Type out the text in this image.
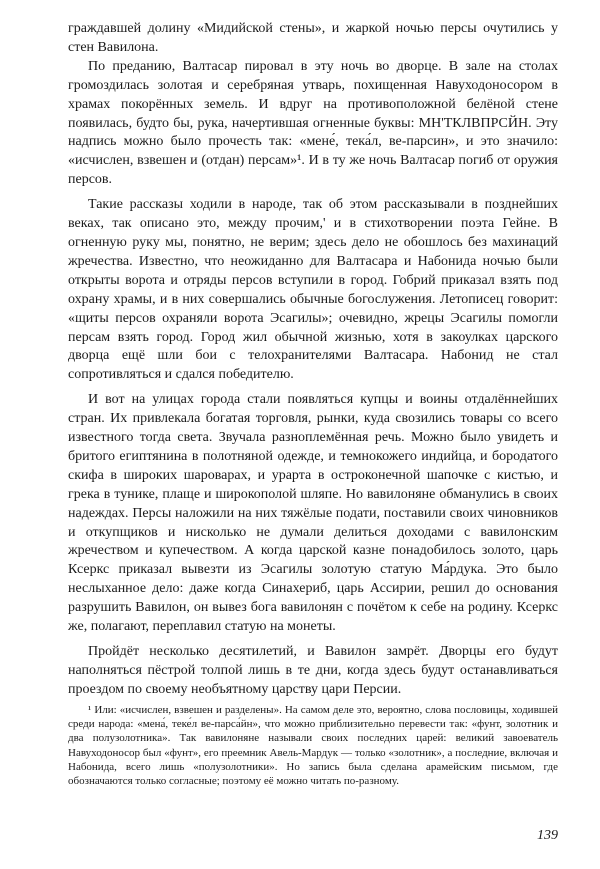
граждавшей долину «Мидийской стены», и жаркой ночью персы очутились у стен Вавилона.

По преданию, Валтасар пировал в эту ночь во дворце. В зале на столах громоздилась золотая и серебряная утварь, похищенная Навуходоносором в храмах покорённых земель. И вдруг на противоположной белёной стене появилась, будто бы, рука, начертившая огненные буквы: МН'ТКЛВПРСЙН. Эту надпись можно было прочесть так: «мене́, тека́л, ве-парсин», и это значило: «исчислен, взвешен и (отдан) персам»¹. И в ту же ночь Валтасар погиб от оружия персов.

Такие рассказы ходили в народе, так об этом рассказывали в позднейших веках, так описано это, между прочим,' и в стихотворении поэта Гейне. В огненную руку мы, понятно, не верим; здесь дело не обошлось без махинаций жречества. Известно, что неожиданно для Валтасара и Набонида ночью были открыты ворота и отряды персов вступили в город. Гобрий приказал взять под охрану храмы, и в них совершались обычные богослужения. Летописец говорит: «щиты персов охраняли ворота Эсагилы»; очевидно, жрецы Эсагилы помогли персам взять город. Город жил обычной жизнью, хотя в закоулках царского дворца ещё шли бои с телохранителями Валтасара. Набонид не стал сопротивляться и сдался победителю.

И вот на улицах города стали появляться купцы и воины отдалённейших стран. Их привлекала богатая торговля, рынки, куда свозились товары со всего известного тогда света. Звучала разноплемённая речь. Можно было увидеть и бритого египтянина в полотняной одежде, и темнокожего индийца, и бородатого скифа в широких шароварах, и урарта в остроконечной шапочке с кистью, и грека в тунике, плаще и широкополой шляпе. Но вавилоняне обманулись в своих надеждах. Персы наложили на них тяжёлые подати, поставили своих чиновников и откупщиков и нисколько не думали делиться доходами с вавилонским жречеством и купечеством. А когда царской казне понадобилось золото, царь Ксеркс приказал вывезти из Эсагилы золотую статую Ма́рдука. Это было неслыханное дело: даже когда Синахериб, царь Ассирии, решил до основания разрушить Вавилон, он вывез бога вавилонян с почётом к себе на родину. Ксеркс же, полагают, переплавил статую на монеты.

Пройдёт несколько десятилетий, и Вавилон замрёт. Дворцы его будут наполняться пёстрой толпой лишь в те дни, когда здесь будут останавливаться проездом по своему необъятному царству цари Персии.

¹ Или: «исчислен, взвешен и разделены». На самом деле это, вероятно, слова пословицы, ходившей среди народа: «мена́, теке́л ве-парса́йн», что можно приблизительно перевести так: «фунт, золотник и два полузолотника». Так вавилоняне называли своих последних царей: великий завоеватель Навуходоносор был «фунт», его преемник Авель-Мардук — только «золотник», а последние, включая и Набонида, всего лишь «полузолотники». Но запись была сделана арамейским письмом, где обозначаются только согласные; поэтому её можно читать по-разному.

139
